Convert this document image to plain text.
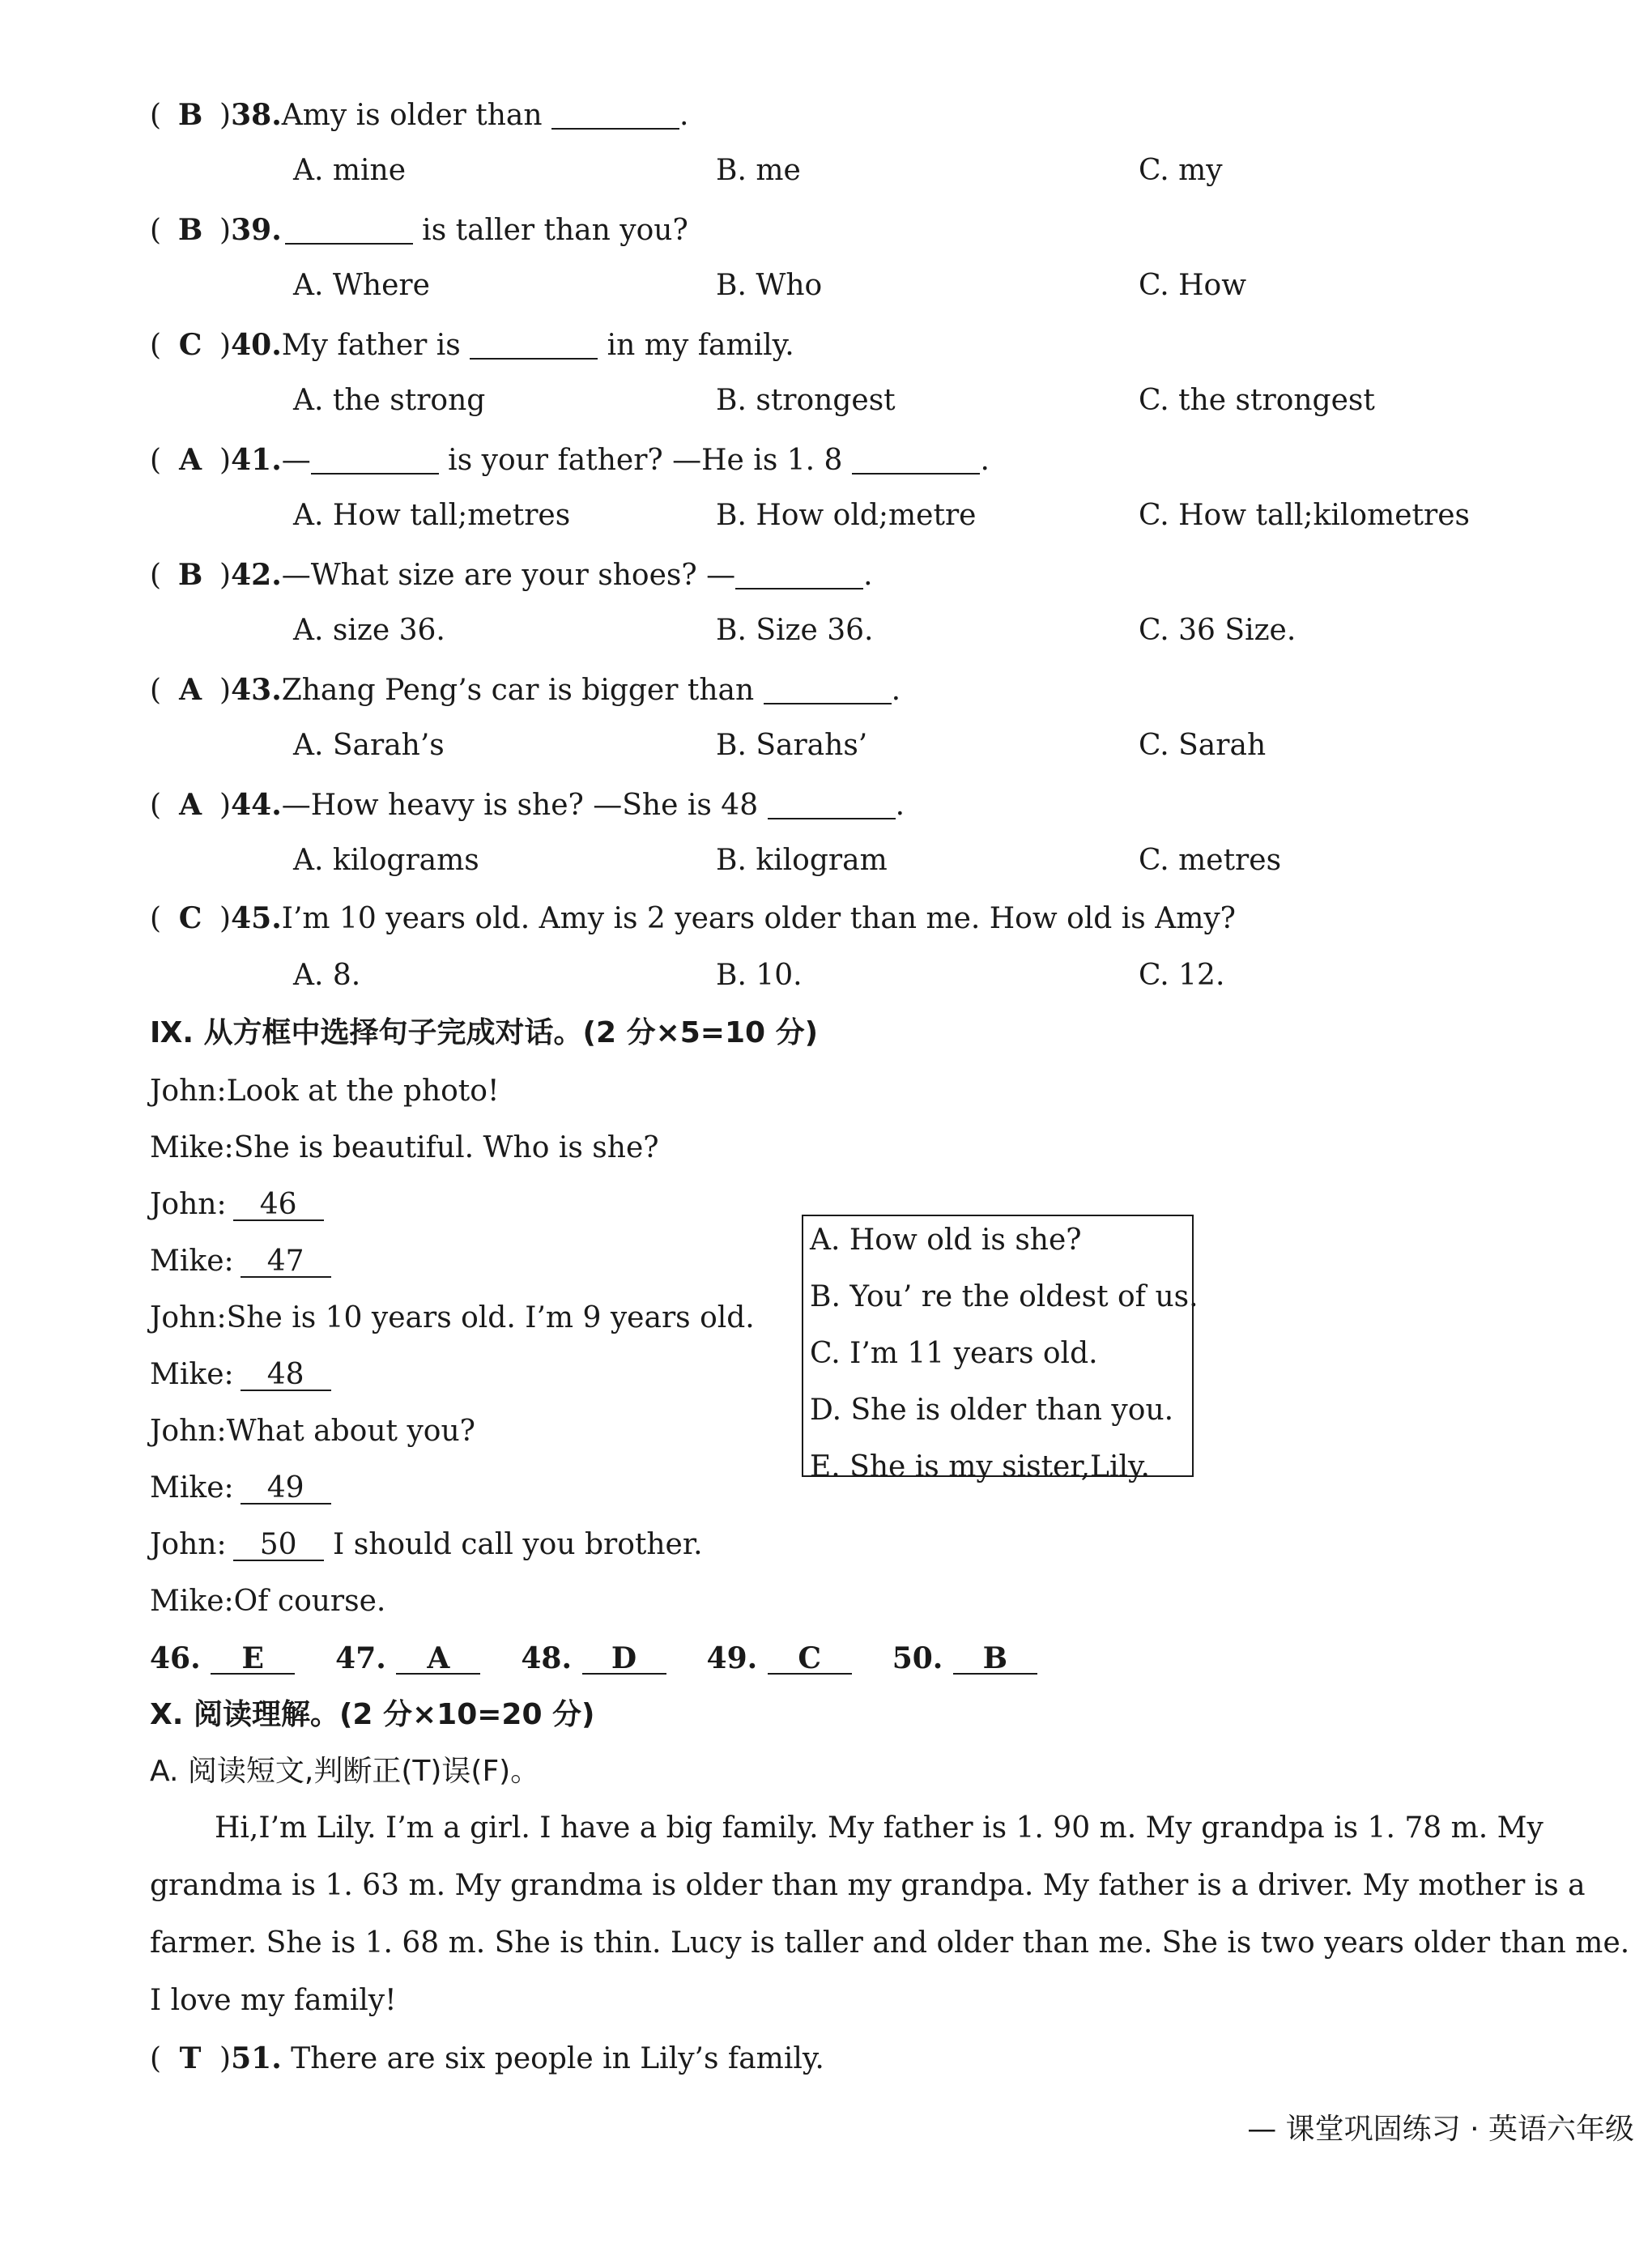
( B )38.Amy is older than	.
A. mine	B. me	C. my
( B )39.	is taller than you?
A. Where	B. Who	C. How
( C )40.My father is	in my family.
A. the strong	B. strongest	C. the strongest
( A )41.—	is your father? —He is 1. 8	.
A. How tall;metres	B. How old;metre	C. How tall;kilometres
( B )42.—What size are your shoes? —	.
A. size 36.	B. Size 36.	C. 36 Size.
( A )43.Zhang Peng’s car is bigger than	.
A. Sarah’s	B. Sarahs’	C. Sarah
( A )44.—How heavy is she? —She is 48	.
A. kilograms	B. kilogram	C. metres
( C )45.I’m 10 years old. Amy is 2 years older than me. How old is Amy?
A. 8.	B. 10.	C. 12.
Ⅸ. 从方框中选择句子完成对话。(2 分×5=10 分)
John:Look at the photo!
Mike:She is beautiful. Who is she?
John: 46
Mike: 47
John:She is 10 years old. I’m 9 years old.
Mike: 48
John:What about you?
Mike: 49
John: 50 I should call you brother.
Mike:Of course.
A. How old is she?
B. You’ re the oldest of us.
C. I’m 11 years old.
D. She is older than you.
E. She is my sister,Lily.
46. E 47. A 48. D 49. C 50. B
Ⅹ. 阅读理解。(2 分×10=20 分)
A. 阅读短文,判断正(T)误(F)。
Hi,I’m Lily. I’m a girl. I have a big family. My father is 1. 90 m. My grandpa is 1. 78 m. My
grandma is 1. 63 m. My grandma is older than my grandpa. My father is a driver. My mother is a
farmer. She is 1. 68 m. She is thin. Lucy is taller and older than me. She is two years older than me.
I love my family!
( T )51. There are six people in Lily’s family.
— 课堂巩固练习 · 英语六年级
